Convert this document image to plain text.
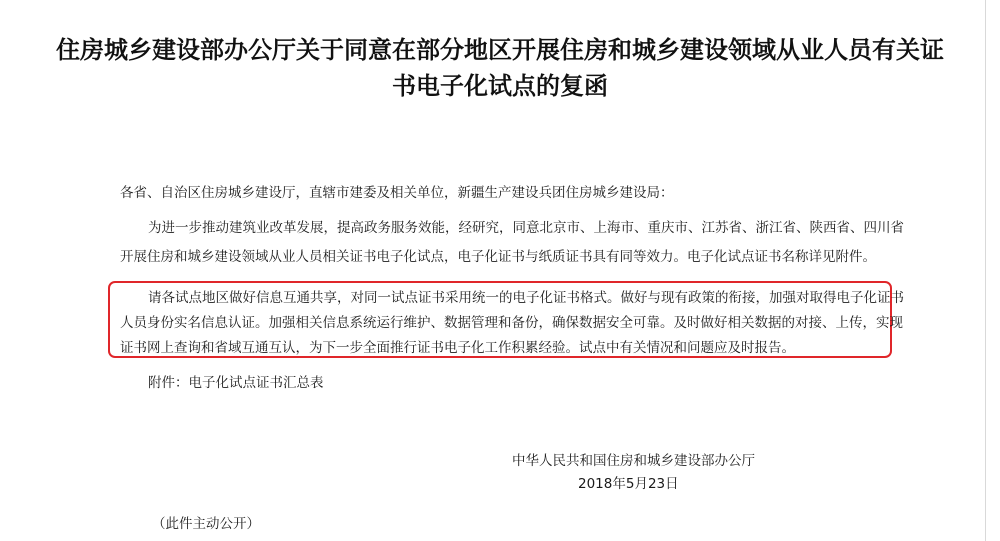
住房城乡建设部办公厅关于同意在部分地区开展住房和城乡建设领域从业人员有关证
书电子化试点的复函
各省、自治区住房城乡建设厅，直辖市建委及相关单位，新疆生产建设兵团住房城乡建设局：
为进一步推动建筑业改革发展，提高政务服务效能，经研究，同意北京市、上海市、重庆市、江苏省、浙江省、陕西省、四川省
开展住房和城乡建设领域从业人员相关证书电子化试点，电子化证书与纸质证书具有同等效力。电子化试点证书名称详见附件。
请各试点地区做好信息互通共享，对同一试点证书采用统一的电子化证书格式。做好与现有政策的衔接，加强对取得电子化证书
人员身份实名信息认证。加强相关信息系统运行维护、数据管理和备份，确保数据安全可靠。及时做好相关数据的对接、上传，实现
证书网上查询和省域互通互认，为下一步全面推行证书电子化工作积累经验。试点中有关情况和问题应及时报告。
附件：电子化试点证书汇总表
中华人民共和国住房和城乡建设部办公厅
2018年5月23日
（此件主动公开）
